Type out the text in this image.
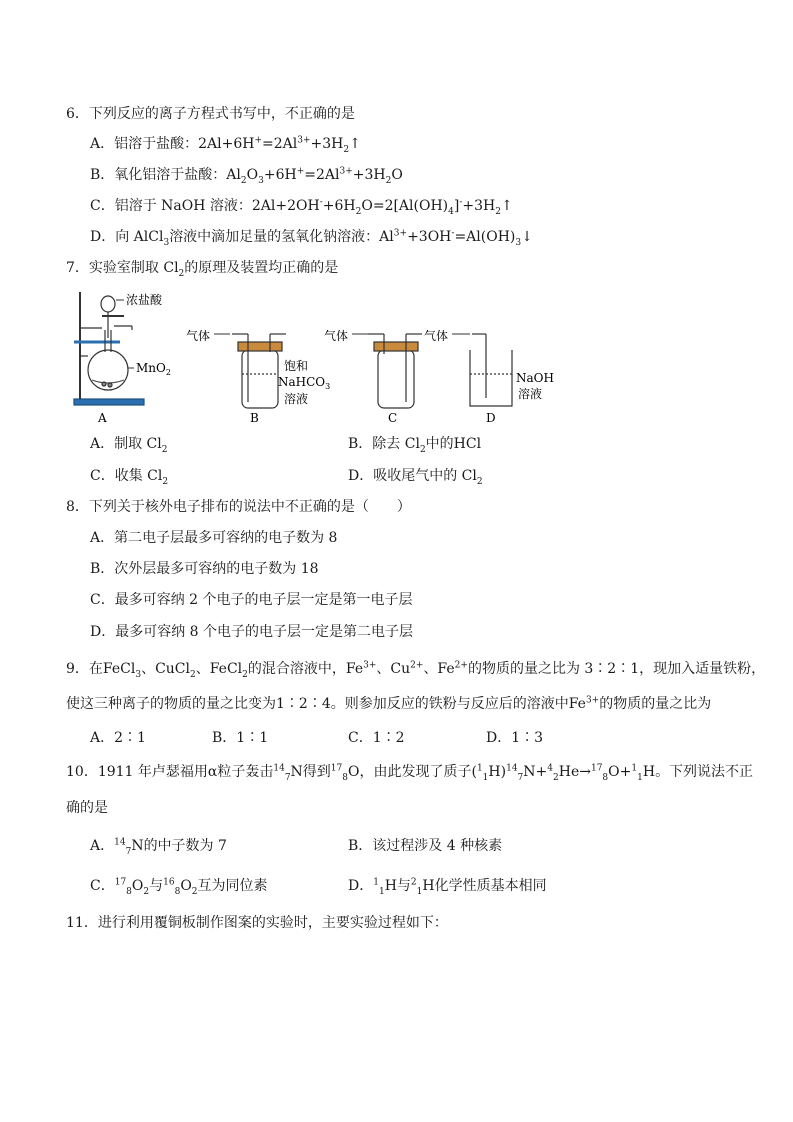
6．下列反应的离子方程式书写中，不正确的是
A．铝溶于盐酸：$2Al+6H^+=2Al^{3+}+3H_2↑$
B．氧化铝溶于盐酸：$Al_2O_3+6H^+=2Al^{3+}+3H_2O$
C．铝溶于 NaOH 溶液：$2Al+2OH^-+6H_2O=2[Al(OH)_4]^-+3H_2↑$
D．向 AlCl$_3$溶液中滴加足量的氢氧化钠溶液：$Al^{3+}+3OH^-=Al(OH)_3↓$
7．实验室制取 $Cl_2$的原理及装置均正确的是
浓盐酸
MnO$_2$
A
气体
饱和
NaHCO$_3$
溶液
B
气体
C
气体
NaOH
溶液
D
A．制取 $Cl_2$	B．除去 $Cl_2$中的HCl
C．收集 $Cl_2$	D．吸收尾气中的 $Cl_2$
8．下列关于核外电子排布的说法中不正确的是（　　）
A．第二电子层最多可容纳的电子数为 8
B．次外层最多可容纳的电子数为 18
C．最多可容纳 2 个电子的电子层一定是第一电子层
D．最多可容纳 8 个电子的电子层一定是第二电子层
9．在FeCl$_3$、CuCl$_2$、FeCl$_2$的混合溶液中，$Fe^{3+}$、$Cu^{2+}$、$Fe^{2+}$的物质的量之比为 3∶2∶1，现加入适量铁粉，
使这三种离子的物质的量之比变为1∶2∶4。则参加反应的铁粉与反应后的溶液中$Fe^{3+}$的物质的量之比为
A．2∶1	B．1∶1	C．1∶2	D．1∶3
10．1911 年卢瑟福用α粒子轰击$^{14}_7$N得到$^{17}_8$O，由此发现了质子$(^1_1H)^{14}_7N+^4_2He\to^{17}_8O+^1_1H$。下列说法不正
确的是
A．$^{14}_7$N的中子数为 7	B．该过程涉及 4 种核素
C．$^{17}_8O_2$与$^{16}_8O_2$互为同位素	D．$^1_1$H与$^2_1$H化学性质基本相同
11．进行利用覆铜板制作图案的实验时，主要实验过程如下：
